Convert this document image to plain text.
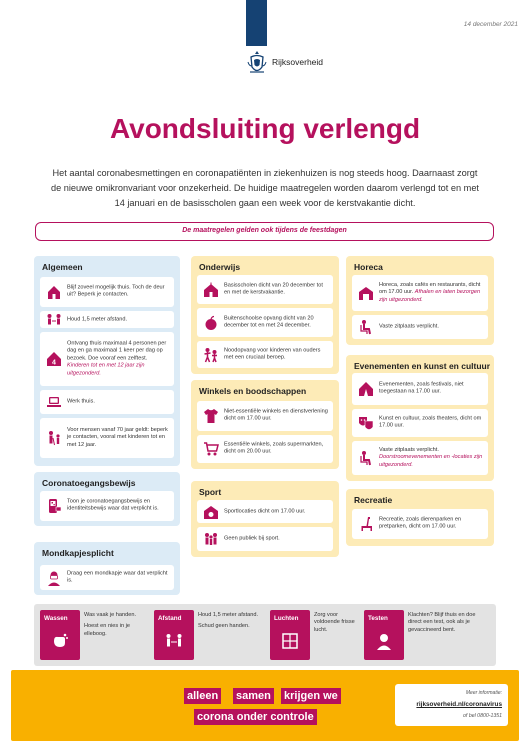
Rijksoverheid
14 december 2021
Avondsluiting verlengd
Het aantal coronabesmettingen en coronapatiënten in ziekenhuizen is nog steeds hoog. Daarnaast zorgt de nieuwe omikronvariant voor onzekerheid. De huidige maatregelen worden daarom verlengd tot en met 14 januari en de basisscholen gaan een week voor de kerstvakantie dicht.
De maatregelen gelden ook tijdens de feestdagen
Algemeen
Blijf zoveel mogelijk thuis. Toch de deur uit? Beperk je contacten.
Houd 1,5 meter afstand.
4
Ontvang thuis maximaal 4 personen per dag en ga maximaal 1 keer per dag op bezoek. Doe vooraf een zelftest. Kinderen tot en met 12 jaar zijn uitgezonderd.
Werk thuis.
Voor mensen vanaf 70 jaar geldt: beperk je contacten, vooral met kinderen tot en met 12 jaar.
Coronatoegangsbewijs
Toon je coronatoegangsbewijs en identiteitsbewijs waar dat verplicht is.
Mondkapjesplicht
Draag een mondkapje waar dat verplicht is.
Onderwijs
Basisscholen dicht van 20 december tot en met de kerstvakantie.
Buitenschoolse opvang dicht van 20 december tot en met 24 december.
Noodopvang voor kinderen van ouders met een cruciaal beroep.
Winkels en boodschappen
Niet-essentiële winkels en dienstverlening dicht om 17.00 uur.
Essentiële winkels, zoals supermarkten, dicht om 20.00 uur.
Sport
Sportlocaties dicht om 17.00 uur.
Geen publiek bij sport.
Horeca
Horeca, zoals cafés en restaurants, dicht om 17.00 uur. Afhalen en laten bezorgen zijn uitgezonderd.
Vaste zitplaats verplicht.
Evenementen en kunst en cultuur
Evenementen, zoals festivals, niet toegestaan na 17.00 uur.
Kunst en cultuur, zoals theaters, dicht om 17.00 uur.
Vaste zitplaats verplicht. Doorstroomevenementen en -locaties zijn uitgezonderd.
Recreatie
Recreatie, zoals dierenparken en pretparken, dicht om 17.00 uur.
Wassen	Was vaak je handen.
Hoest en nies in je elleboog.
Afstand	Houd 1,5 meter afstand.
Schud geen handen.
Luchten	Zorg voor voldoende frisse lucht.
Testen	Klachten? Blijf thuis en doe direct een test, ook als je gevaccineerd bent.
alleen samen krijgen we
corona onder controle
Meer informatie:
rijksoverheid.nl/coronavirus
of bel 0800-1351
